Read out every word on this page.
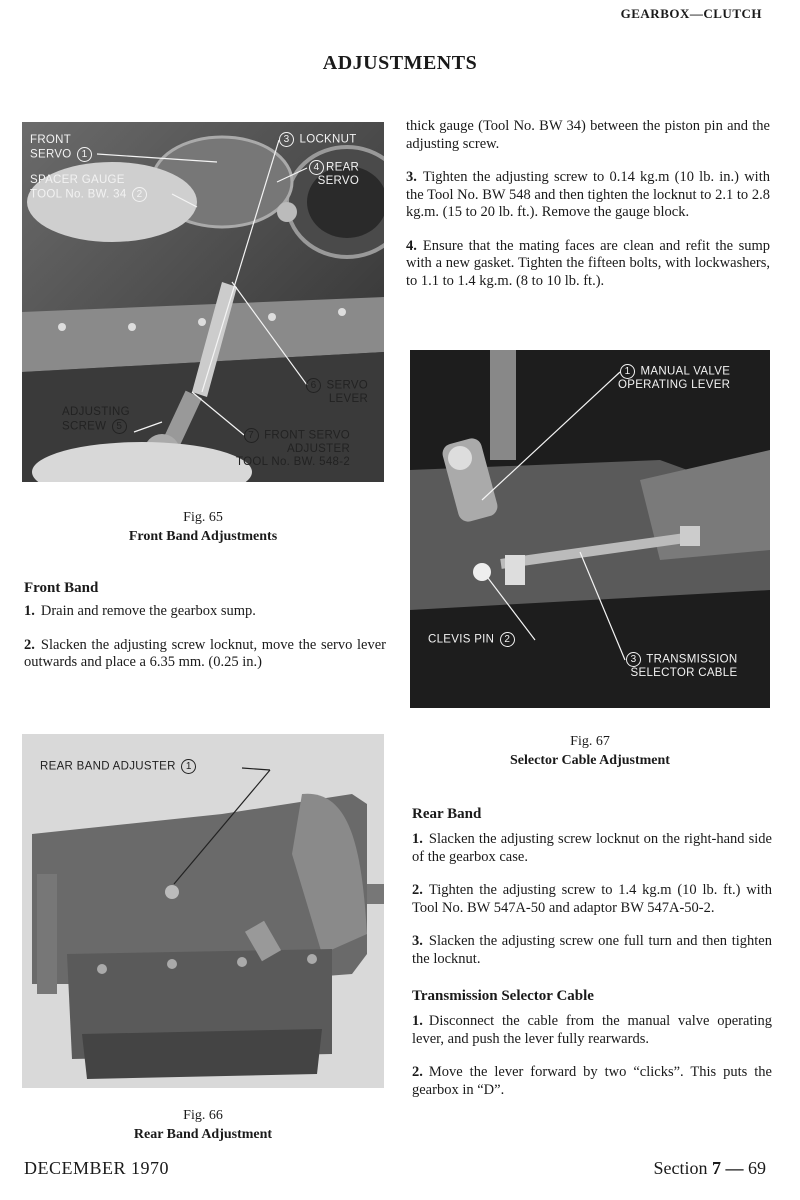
GEARBOX—CLUTCH
ADJUSTMENTS
FRONT
SERVO 1
SPACER GAUGE
TOOL No. BW. 34 2
3 LOCKNUT
4 REAR
SERVO
6 SERVO
LEVER
ADJUSTING
SCREW 5
7 FRONT SERVO
ADJUSTER
TOOL No. BW. 548-2
Fig. 65
Front Band Adjustments
Front Band
1. Drain and remove the gearbox sump.
2. Slacken the adjusting screw locknut, move the servo lever outwards and place a 6.35 mm. (0.25 in.)
thick gauge (Tool No. BW 34) between the piston pin and the adjusting screw.
3. Tighten the adjusting screw to 0.14 kg.m (10 lb. in.) with the Tool No. BW 548 and then tighten the locknut to 2.1 to 2.8 kg.m. (15 to 20 lb. ft.). Remove the gauge block.
4. Ensure that the mating faces are clean and refit the sump with a new gasket. Tighten the fifteen bolts, with lockwashers, to 1.1 to 1.4 kg.m. (8 to 10 lb. ft.).
1 MANUAL VALVE
OPERATING LEVER
CLEVIS PIN 2
3 TRANSMISSION
SELECTOR CABLE
Fig. 67
Selector Cable Adjustment
REAR BAND ADJUSTER 1
Fig. 66
Rear Band Adjustment
Rear Band
1. Slacken the adjusting screw locknut on the right-hand side of the gearbox case.
2. Tighten the adjusting screw to 1.4 kg.m (10 lb. ft.) with Tool No. BW 547A-50 and adaptor BW 547A-50-2.
3. Slacken the adjusting screw one full turn and then tighten the locknut.
Transmission Selector Cable
1. Disconnect the cable from the manual valve operating lever, and push the lever fully rearwards.
2. Move the lever forward by two “clicks”. This puts the gearbox in “D”.
DECEMBER 1970	Section 7 — 69
